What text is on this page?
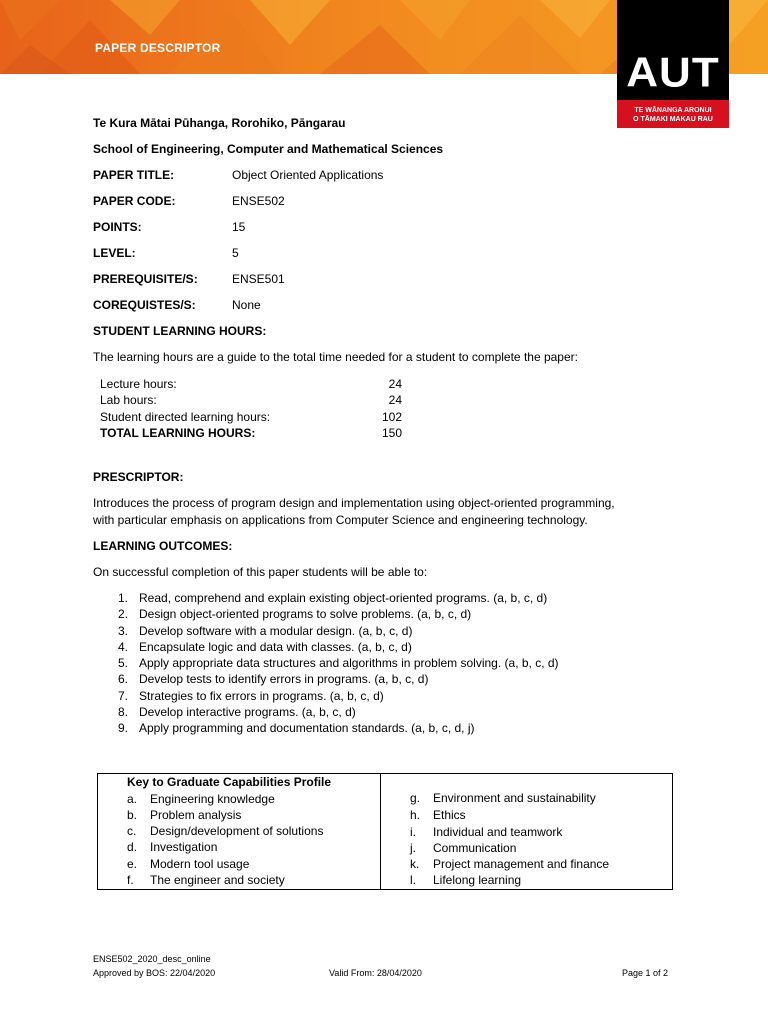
PAPER DESCRIPTOR
AUT
TE WĀNANGA ARONUI
O TĀMAKI MAKAU RAU
Te Kura Mātai Pūhanga, Rorohiko, Pāngarau
School of Engineering, Computer and Mathematical Sciences
PAPER TITLE:	Object Oriented Applications
PAPER CODE:	ENSE502
POINTS:	15
LEVEL:	5
PREREQUISITE/S:	ENSE501
COREQUISTES/S:	None
STUDENT LEARNING HOURS:
The learning hours are a guide to the total time needed for a student to complete the paper:
Lecture hours:	24
Lab hours:	24
Student directed learning hours:	102
TOTAL LEARNING HOURS:	150
PRESCRIPTOR:
Introduces the process of program design and implementation using object-oriented programming,
with particular emphasis on applications from Computer Science and engineering technology.
LEARNING OUTCOMES:
On successful completion of this paper students will be able to:
1. Read, comprehend and explain existing object-oriented programs. (a, b, c, d)
2. Design object-oriented programs to solve problems. (a, b, c, d)
3. Develop software with a modular design. (a, b, c, d)
4. Encapsulate logic and data with classes. (a, b, c, d)
5. Apply appropriate data structures and algorithms in problem solving. (a, b, c, d)
6. Develop tests to identify errors in programs. (a, b, c, d)
7. Strategies to fix errors in programs. (a, b, c, d)
8. Develop interactive programs. (a, b, c, d)
9. Apply programming and documentation standards. (a, b, c, d, j)
Key to Graduate Capabilities Profile
a.	Engineering knowledge
b.	Problem analysis
c.	Design/development of solutions
d.	Investigation
e.	Modern tool usage
f.	The engineer and society
g.	Environment and sustainability
h.	Ethics
i.	Individual and teamwork
j.	Communication
k.	Project management and finance
l.	Lifelong learning
ENSE502_2020_desc_online
Approved by BOS: 22/04/2020	Valid From: 28/04/2020	Page 1 of 2
